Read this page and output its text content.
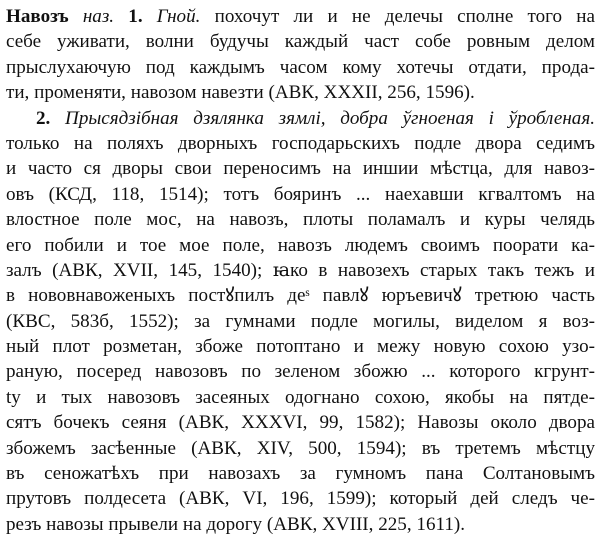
Навозъ наз. 1. Гной. похочут ли и не делечы сполне того на
себе уживати, волни будучы каждый част собе ровным делом
прыслухаючую под каждымъ часом кому хотечы отдати, прода-
ти, променяти, навозом навезти (АВК, XXXII, 256, 1596).
2. Прысядзібная дзялянка зямлі, добра ўгноеная і ўробленая.
только на поляхъ дворныхъ господарьскихъ подле двора седимъ
и часто ся дворы свои переносимъ на иншии мѣстца, для навоз-
овъ (КСД, 118, 1514); тотъ бояринъ ... наехавши кгвалтомъ на
влостное поле мос, на навозъ, плоты поламалъ и куры челядь
его побили и тое мое поле, навозъ людемъ своимъ поорати ка-
залъ (АВК, XVII, 145, 1540); ꙗко в навозехъ старых такъ тежъ и
в нововнавоженыхъ постꙋпилъ деˢ павлꙋ юръевичꙋ третюю часть
(КВС, 583б, 1552); за гумнами подле могилы, виделом я воз-
ный плот розметан, збоже потоптано и межу новую сохою узо-
раную, посеред навозовъ по зеленом збожю ... которого кгрунт-
ty и тых навозовъ засеяных одогнано сохою, якобы на пятде-
сятъ бочекъ сеяня (АВК, XXXVI, 99, 1582); Навозы около двора
збожемъ засѣенные (АВК, XIV, 500, 1594); въ третемъ мѣстцу
въ сеножатѣхъ при навозахъ за гумномъ пана Солтановымъ
прутовъ полдесета (АВК, VI, 196, 1599); который дей следъ че-
резъ навозы прывели на дорогу (АВК, XVIII, 225, 1611).
